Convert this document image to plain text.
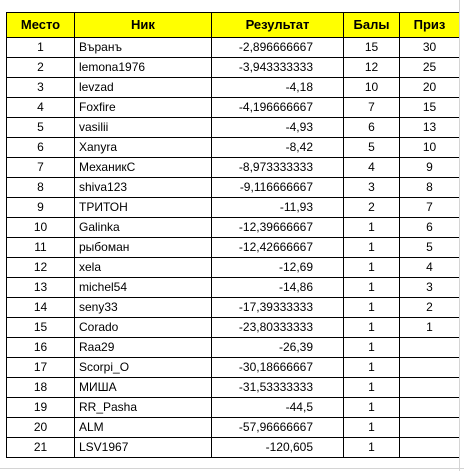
Место	Ник	Результат	Балы	Приз
1	Въранъ	-2,896666667	15	30
2	lemona1976	-3,943333333	12	25
3	levzad	-4,18	10	20
4	Foxfire	-4,196666667	7	15
5	vasilii	-4,93	6	13
6	Xanyra	-8,42	5	10
7	МеханикС	-8,973333333	4	9
8	shiva123	-9,116666667	3	8
9	ТРИТОН	-11,93	2	7
10	Galinka	-12,39666667	1	6
11	рыбоман	-12,42666667	1	5
12	xela	-12,69	1	4
13	michel54	-14,86	1	3
14	seny33	-17,39333333	1	2
15	Corado	-23,80333333	1	1
16	Raa29	-26,39	1	
17	Scorpi_O	-30,18666667	1	
18	МИША	-31,53333333	1	
19	RR_Pasha	-44,5	1	
20	ALM	-57,96666667	1	
21	LSV1967	-120,605	1	
